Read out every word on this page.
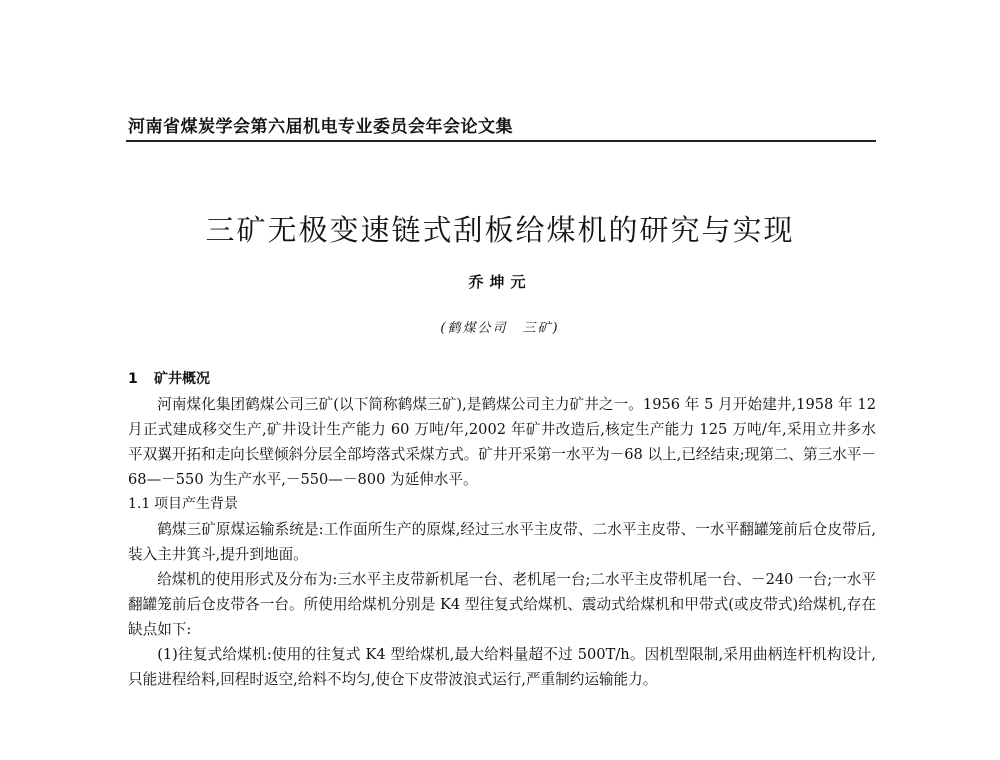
河南省煤炭学会第六届机电专业委员会年会论文集
三矿无极变速链式刮板给煤机的研究与实现
乔坤元
(鹤煤公司　三矿)
1 矿井概况

河南煤化集团鹤煤公司三矿(以下简称鹤煤三矿),是鹤煤公司主力矿井之一。1956 年 5 月开始建井,1958 年 12 月正式建成移交生产,矿井设计生产能力 60 万吨/年,2002 年矿井改造后,核定生产能力 125 万吨/年,采用立井多水平双翼开拓和走向长壁倾斜分层全部垮落式采煤方式。矿井开采第一水平为－68 以上,已经结束;现第二、第三水平－68—－550 为生产水平,－550—－800 为延伸水平。

1.1 项目产生背景

鹤煤三矿原煤运输系统是:工作面所生产的原煤,经过三水平主皮带、二水平主皮带、一水平翻罐笼前后仓皮带后,装入主井箕斗,提升到地面。

给煤机的使用形式及分布为:三水平主皮带新机尾一台、老机尾一台;二水平主皮带机尾一台、－240 一台;一水平翻罐笼前后仓皮带各一台。所使用给煤机分别是 K4 型往复式给煤机、震动式给煤机和甲带式(或皮带式)给煤机,存在缺点如下:

(1)往复式给煤机:使用的往复式 K4 型给煤机,最大给料量超不过 500T/h。因机型限制,采用曲柄连杆机构设计,只能进程给料,回程时返空,给料不均匀,使仓下皮带波浪式运行,严重制约运输能力。
